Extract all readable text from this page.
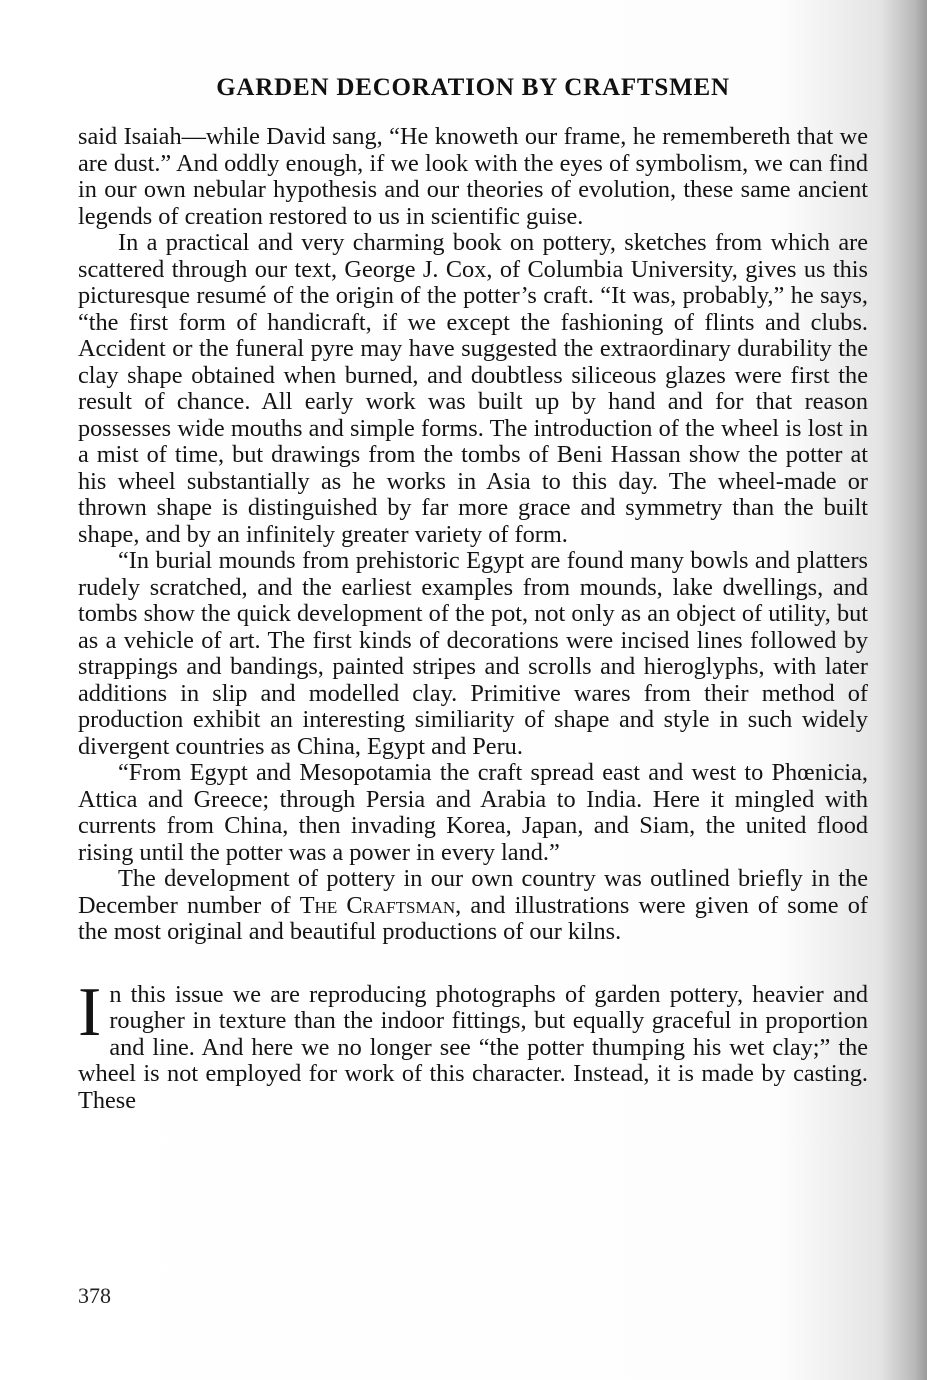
GARDEN DECORATION BY CRAFTSMEN

said Isaiah—while David sang, “He knoweth our frame, he remembereth that we are dust.” And oddly enough, if we look with the eyes of symbolism, we can find in our own nebular hypothesis and our theories of evolution, these same ancient legends of creation restored to us in scientific guise.

In a practical and very charming book on pottery, sketches from which are scattered through our text, George J. Cox, of Columbia University, gives us this picturesque resumé of the origin of the potter’s craft. “It was, probably,” he says, “the first form of handicraft, if we except the fashioning of flints and clubs. Accident or the funeral pyre may have suggested the extraordinary durability the clay shape obtained when burned, and doubtless siliceous glazes were first the result of chance. All early work was built up by hand and for that reason possesses wide mouths and simple forms. The introduction of the wheel is lost in a mist of time, but drawings from the tombs of Beni Hassan show the potter at his wheel substantially as he works in Asia to this day. The wheel-made or thrown shape is distinguished by far more grace and symmetry than the built shape, and by an infinitely greater variety of form.

“In burial mounds from prehistoric Egypt are found many bowls and platters rudely scratched, and the earliest examples from mounds, lake dwellings, and tombs show the quick development of the pot, not only as an object of utility, but as a vehicle of art. The first kinds of decorations were incised lines followed by strappings and bandings, painted stripes and scrolls and hieroglyphs, with later additions in slip and modelled clay. Primitive wares from their method of production exhibit an interesting similiarity of shape and style in such widely divergent countries as China, Egypt and Peru.

“From Egypt and Mesopotamia the craft spread east and west to Phœnicia, Attica and Greece; through Persia and Arabia to India. Here it mingled with currents from China, then invading Korea, Japan, and Siam, the united flood rising until the potter was a power in every land.”

The development of pottery in our own country was outlined briefly in the December number of The Craftsman, and illustrations were given of some of the most original and beautiful productions of our kilns.

In this issue we are reproducing photographs of garden pottery, heavier and rougher in texture than the indoor fittings, but equally graceful in proportion and line. And here we no longer see “the potter thumping his wet clay;” the wheel is not employed for work of this character. Instead, it is made by casting. These

378
